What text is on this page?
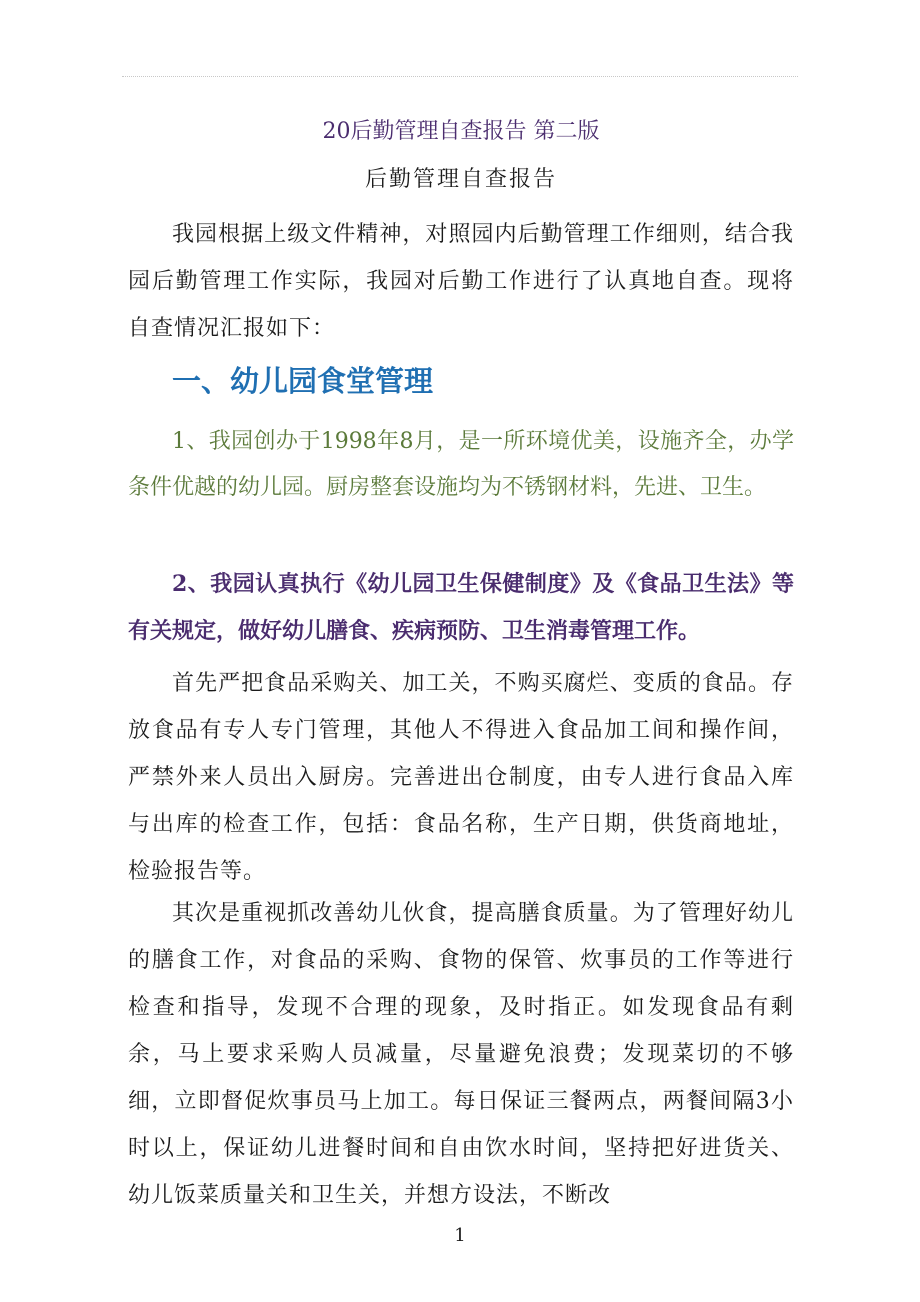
20后勤管理自查报告 第二版
后勤管理自查报告

我园根据上级文件精神，对照园内后勤管理工作细则，结合我园后勤管理工作实际，我园对后勤工作进行了认真地自查。现将自查情况汇报如下：

一、幼儿园食堂管理

1、我园创办于1998年8月，是一所环境优美，设施齐全，办学条件优越的幼儿园。厨房整套设施均为不锈钢材料，先进、卫生。

2、我园认真执行《幼儿园卫生保健制度》及《食品卫生法》等有关规定，做好幼儿膳食、疾病预防、卫生消毒管理工作。

首先严把食品采购关、加工关，不购买腐烂、变质的食品。存放食品有专人专门管理，其他人不得进入食品加工间和操作间，严禁外来人员出入厨房。完善进出仓制度，由专人进行食品入库与出库的检查工作，包括：食品名称，生产日期，供货商地址，检验报告等。

其次是重视抓改善幼儿伙食，提高膳食质量。为了管理好幼儿的膳食工作，对食品的采购、食物的保管、炊事员的工作等进行检查和指导，发现不合理的现象，及时指正。如发现食品有剩余，马上要求采购人员减量，尽量避免浪费；发现菜切的不够细，立即督促炊事员马上加工。每日保证三餐两点，两餐间隔3小时以上，保证幼儿进餐时间和自由饮水时间，坚持把好进货关、幼儿饭菜质量关和卫生关，并想方设法，不断改

1
